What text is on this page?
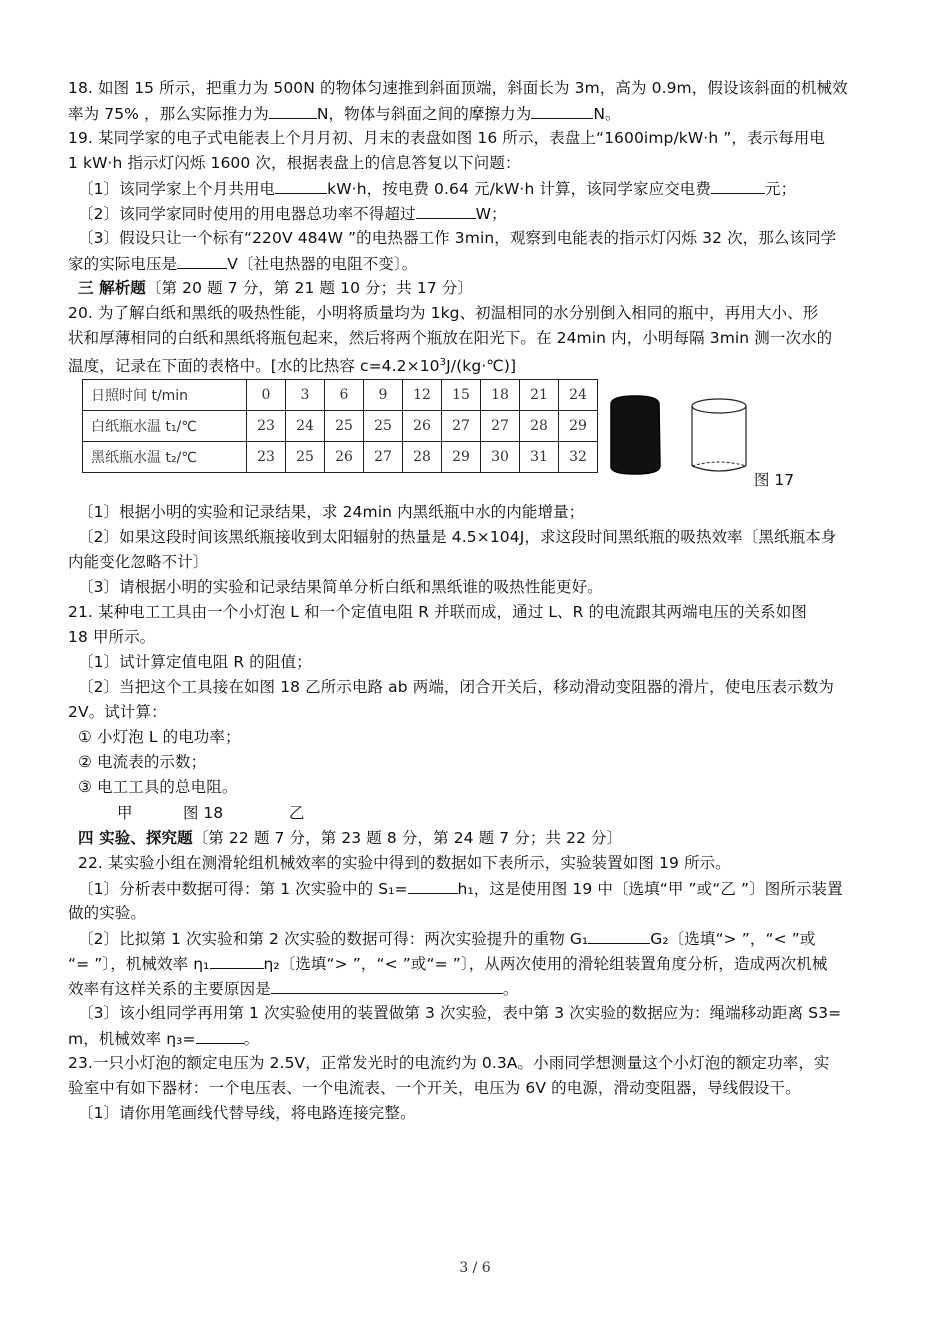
18. 如图 15 所示，把重力为 500N 的物体匀速推到斜面顶端，斜面长为 3m，高为 0.9m，假设该斜面的机械效
率为 75% ，那么实际推力为	N，物体与斜面之间的摩擦力为	N。
19. 某同学家的电子式电能表上个月月初、月末的表盘如图 16 所示，表盘上“1600imp/kW·h ”，表示每用电
1 kW·h 指示灯闪烁 1600 次，根据表盘上的信息答复以下问题：
〔1〕该同学家上个月共用电	kW·h，按电费 0.64 元/kW·h 计算，该同学家应交电费	元；
〔2〕该同学家同时使用的用电器总功率不得超过	W；
〔3〕假设只让一个标有“220V 484W ”的电热器工作 3min，观察到电能表的指示灯闪烁 32 次，那么该同学
家的实际电压是	V〔社电热器的电阻不变〕。
三 解析题〔第 20 题 7 分，第 21 题 10 分；共 17 分〕
20. 为了解白纸和黑纸的吸热性能，小明将质量均为 1kg、初温相同的水分别倒入相同的瓶中，再用大小、形
状和厚薄相同的白纸和黑纸将瓶包起来，然后将两个瓶放在阳光下。在 24min 内，小明每隔 3min 测一次水的
温度，记录在下面的表格中。[水的比热容 $c=4.2\times 10^3J/(kg\cdot℃)$]
日照时间 t/min	0	3	6	9	12	15	18	21	24
白纸瓶水温 t₁/℃	23	24	25	25	26	27	27	28	29
黑纸瓶水温 t₂/℃	23	25	26	27	28	29	30	31	32
图 17
〔1〕根据小明的实验和记录结果，求 24min 内黑纸瓶中水的内能增量；
〔2〕如果这段时间该黑纸瓶接收到太阳辐射的热量是 4.5×104J，求这段时间黑纸瓶的吸热效率〔黑纸瓶本身
内能变化忽略不计〕
〔3〕请根据小明的实验和记录结果简单分析白纸和黑纸谁的吸热性能更好。
21. 某种电工工具由一个小灯泡 L 和一个定值电阻 R 并联而成，通过 L、R 的电流跟其两端电压的关系如图
18 甲所示。
〔1〕试计算定值电阻 R 的阻值；
〔2〕当把这个工具接在如图 18 乙所示电路 ab 两端，闭合开关后，移动滑动变阻器的滑片，使电压表示数为
2V。试计算：
① 小灯泡 L 的电功率；
② 电流表的示数；
③ 电工工具的总电阻。
甲	图 18	乙
四 实验、探究题〔第 22 题 7 分，第 23 题 8 分，第 24 题 7 分；共 22 分〕
22. 某实验小组在测滑轮组机械效率的实验中得到的数据如下表所示，实验装置如图 19 所示。
〔1〕分析表中数据可得：第 1 次实验中的 S₁=	h₁，这是使用图 19 中〔选填“甲 ”或“乙 ”〕图所示装置
做的实验。
〔2〕比拟第 1 次实验和第 2 次实验的数据可得：两次实验提升的重物 G₁	G₂〔选填“> ”，“< ”或
“= ”〕，机械效率 η₁	η₂〔选填“> ”，“< ”或“= ”〕，从两次使用的滑轮组装置角度分析，造成两次机械
效率有这样关系的主要原因是	。
〔3〕该小组同学再用第 1 次实验使用的装置做第 3 次实验，表中第 3 次实验的数据应为：绳端移动距离 S3=
m，机械效率 η₃=	。
23.一只小灯泡的额定电压为 2.5V，正常发光时的电流约为 0.3A。小雨同学想测量这个小灯泡的额定功率，实
验室中有如下器材：一个电压表、一个电流表、一个开关，电压为 6V 的电源，滑动变阻器，导线假设干。
〔1〕请你用笔画线代替导线，将电路连接完整。
3 / 6
